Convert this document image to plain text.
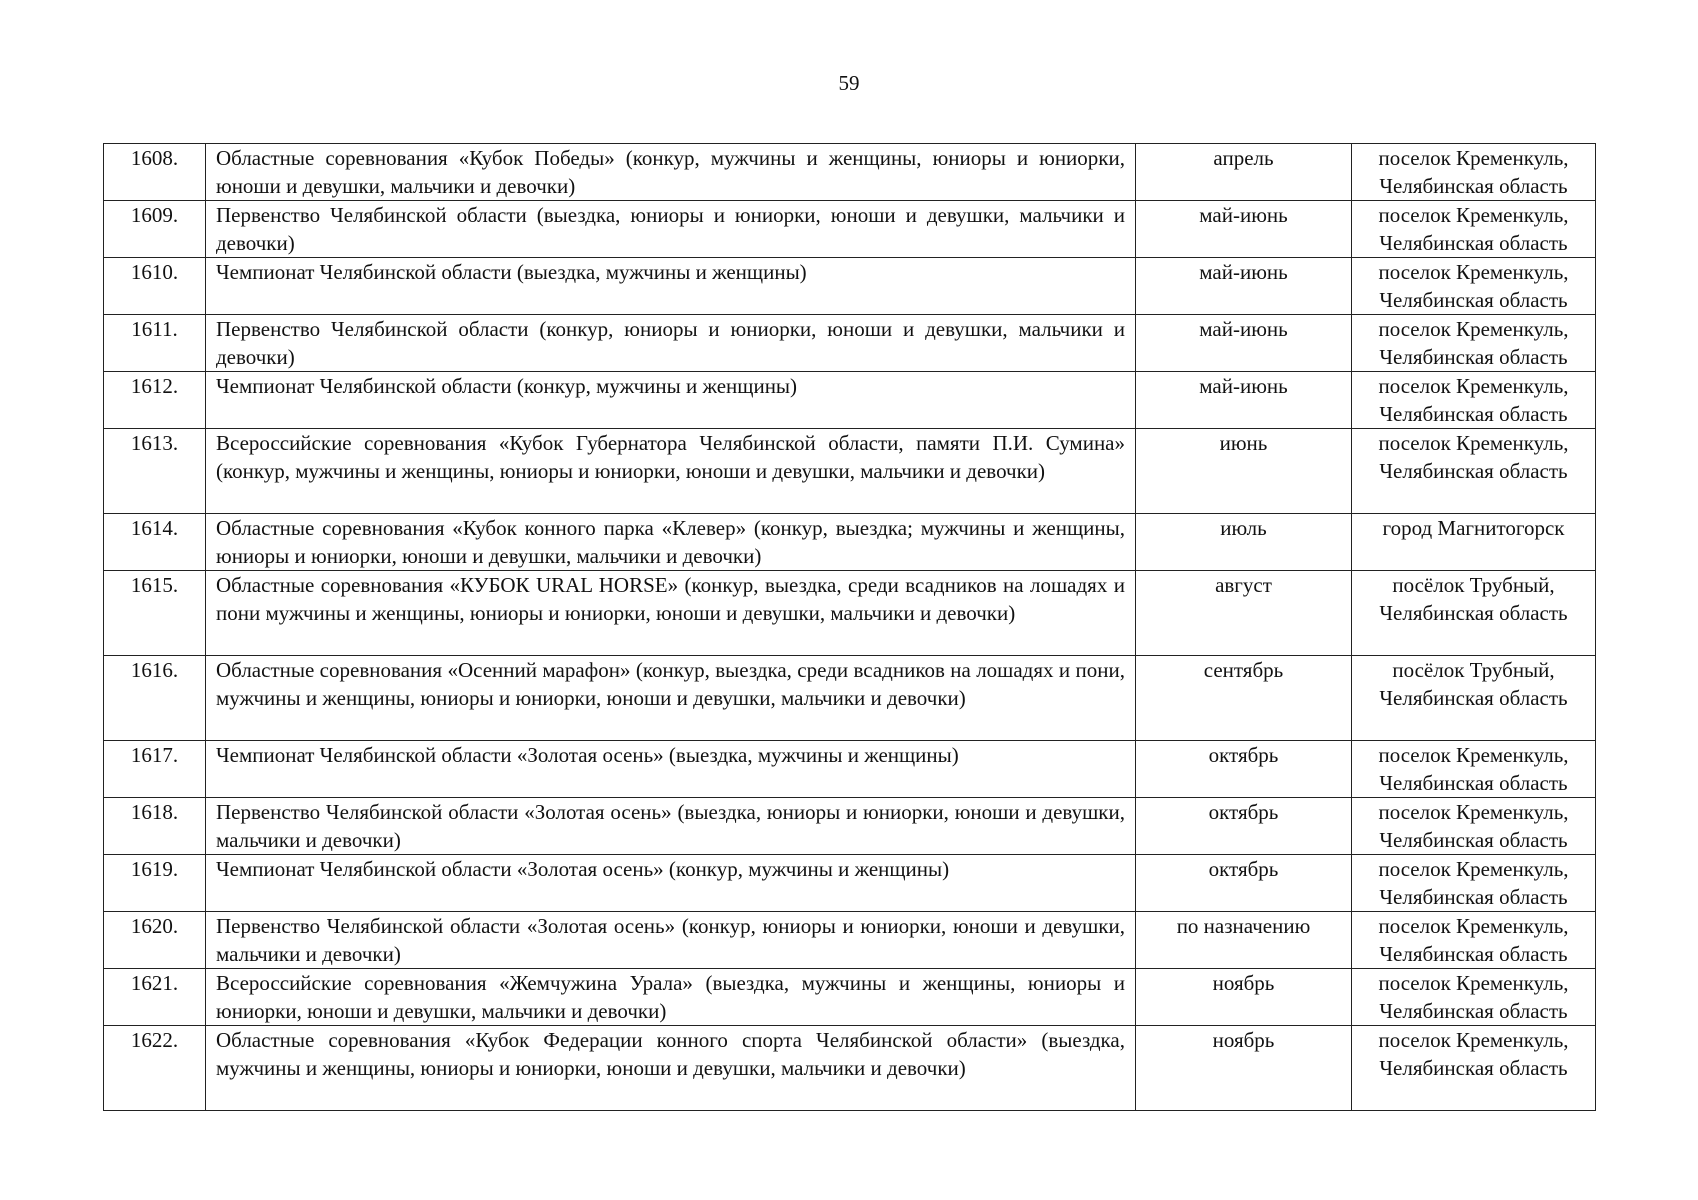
59
1608.	Областные соревнования «Кубок Победы» (конкур, мужчины и женщины, юниоры и юниорки, юноши и девушки, мальчики и девочки)	апрель	поселок Кременкуль, Челябинская область
1609.	Первенство Челябинской области (выездка, юниоры и юниорки, юноши и девушки, мальчики и девочки)	май-июнь	поселок Кременкуль, Челябинская область
1610.	Чемпионат Челябинской области (выездка, мужчины и женщины)	май-июнь	поселок Кременкуль, Челябинская область
1611.	Первенство Челябинской области (конкур, юниоры и юниорки, юноши и девушки, мальчики и девочки)	май-июнь	поселок Кременкуль, Челябинская область
1612.	Чемпионат Челябинской области (конкур, мужчины и женщины)	май-июнь	поселок Кременкуль, Челябинская область
1613.	Всероссийские соревнования «Кубок Губернатора Челябинской области, памяти П.И. Сумина» (конкур, мужчины и женщины, юниоры и юниорки, юноши и девушки, мальчики и девочки)	июнь	поселок Кременкуль, Челябинская область
1614.	Областные соревнования «Кубок конного парка «Клевер» (конкур, выездка; мужчины и женщины, юниоры и юниорки, юноши и девушки, мальчики и девочки)	июль	город Магнитогорск
1615.	Областные соревнования «КУБОК URAL HORSE» (конкур, выездка, среди всадников на лошадях и пони мужчины и женщины, юниоры и юниорки, юноши и девушки, мальчики и девочки)	август	посёлок Трубный, Челябинская область
1616.	Областные соревнования «Осенний марафон» (конкур, выездка, среди всадников на лошадях и пони, мужчины и женщины, юниоры и юниорки, юноши и девушки, мальчики и девочки)	сентябрь	посёлок Трубный, Челябинская область
1617.	Чемпионат Челябинской области «Золотая осень» (выездка, мужчины и женщины)	октябрь	поселок Кременкуль, Челябинская область
1618.	Первенство Челябинской области «Золотая осень» (выездка, юниоры и юниорки, юноши и девушки, мальчики и девочки)	октябрь	поселок Кременкуль, Челябинская область
1619.	Чемпионат Челябинской области «Золотая осень» (конкур, мужчины и женщины)	октябрь	поселок Кременкуль, Челябинская область
1620.	Первенство Челябинской области «Золотая осень» (конкур, юниоры и юниорки, юноши и девушки, мальчики и девочки)	по назначению	поселок Кременкуль, Челябинская область
1621.	Всероссийские соревнования «Жемчужина Урала» (выездка, мужчины и женщины, юниоры и юниорки, юноши и девушки, мальчики и девочки)	ноябрь	поселок Кременкуль, Челябинская область
1622.	Областные соревнования «Кубок Федерации конного спорта Челябинской области» (выездка, мужчины и женщины, юниоры и юниорки, юноши и девушки, мальчики и девочки)	ноябрь	поселок Кременкуль, Челябинская область
